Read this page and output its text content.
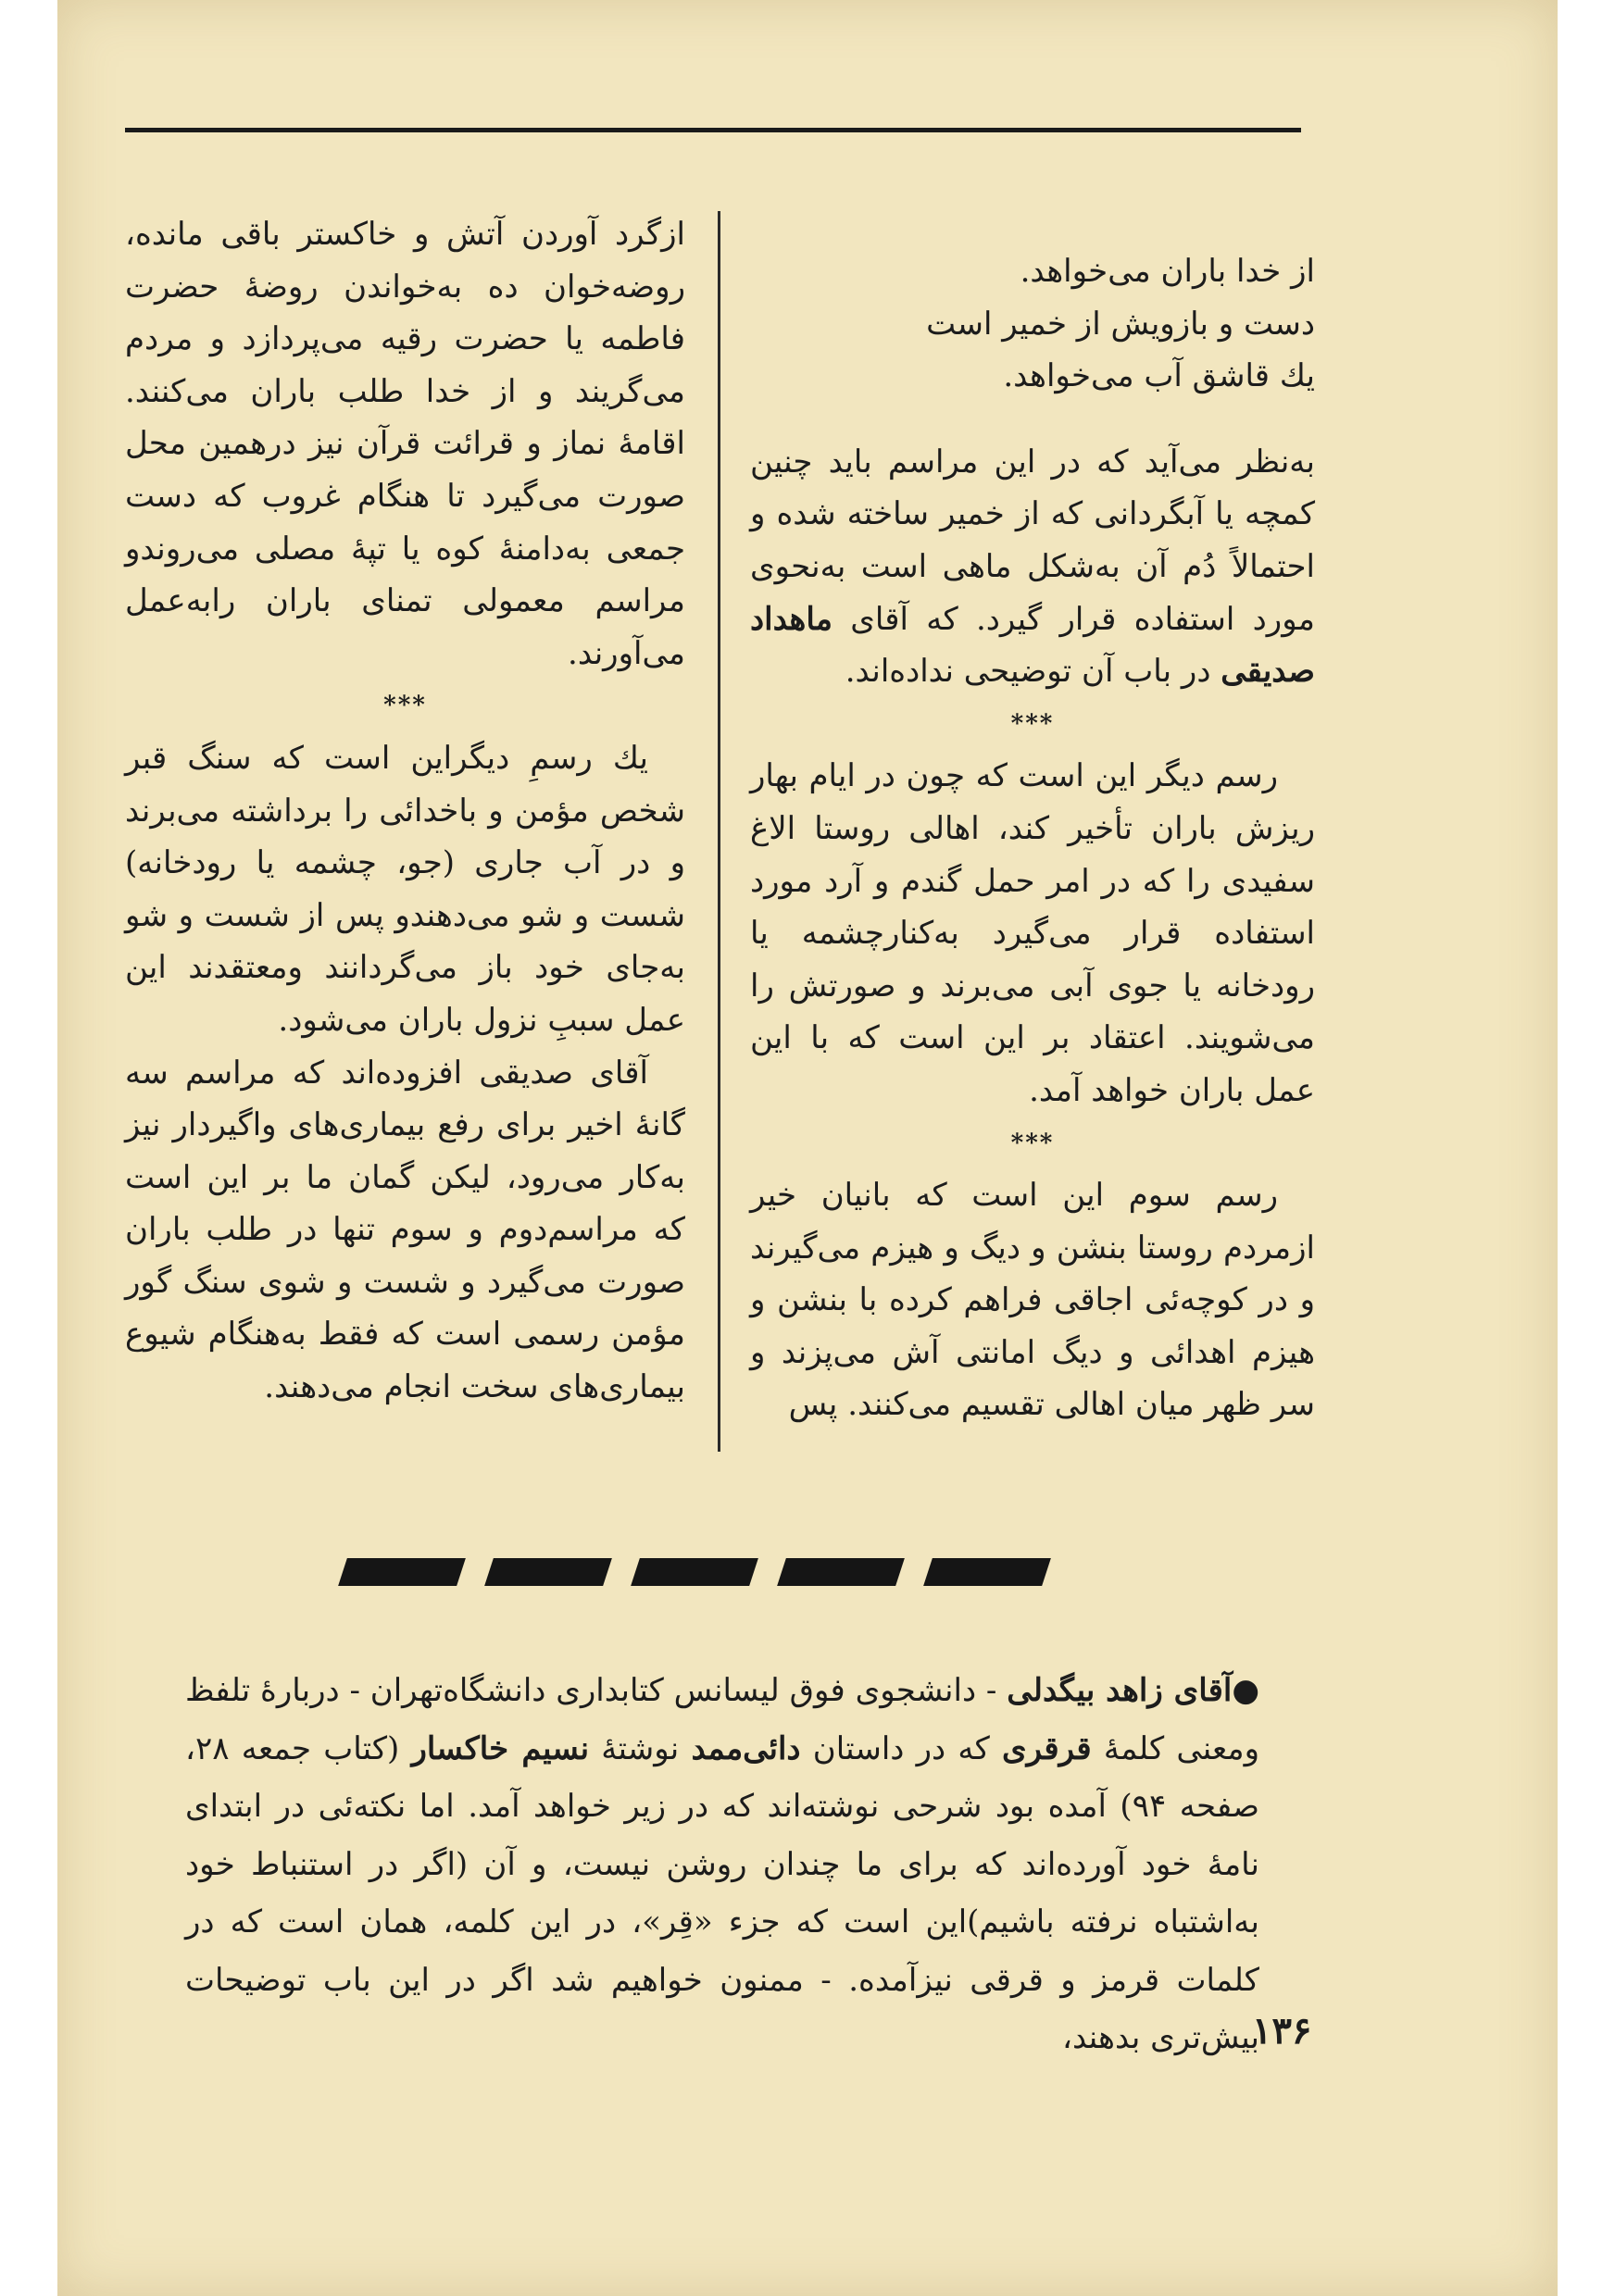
از خدا باران می‌خواهد.
دست و بازویش از خمیر است
یك قاشق آب می‌خواهد.

به‌نظر می‌آید که در این مراسم باید چنین کمچه یا آبگردانی که از خمیر ساخته شده و احتمالاً دُم آن به‌شکل ماهی است به‌نحوی مورد استفاده قرار گیرد. که آقای ماهداد صدیقی در باب آن توضیحی نداده‌اند.

***

رسم دیگر این است که چون در ایام بهار ریزش باران تأخیر کند، اهالی روستا الاغ سفیدی را که در امر حمل گندم و آرد مورد استفاده قرار می‌گیرد به‌کنارچشمه یا رودخانه یا جوی آبی می‌برند و صورتش را می‌شویند. اعتقاد بر این است که با این عمل باران خواهد آمد.

***

رسم سوم این است که بانیان خیر ازمردم روستا بنشن و دیگ و هیزم می‌گیرند و در کوچه‌ئی اجاقی فراهم کرده با بنشن و هیزم اهدائی و دیگ امانتی آش می‌پزند و سر ظهر میان اهالی تقسیم می‌کنند. پس

ازگرد آوردن آتش و خاکستر باقی مانده، روضه‌خوان ده به‌خواندن روضهٔ حضرت فاطمه یا حضرت رقیه می‌پردازد و مردم می‌گریند و از خدا طلب باران می‌کنند. اقامهٔ نماز و قرائت قرآن نیز درهمین محل صورت می‌گیرد تا هنگام غروب که دست جمعی به‌دامنهٔ کوه یا تپهٔ مصلی می‌روندو مراسم معمولی تمنای باران رابه‌عمل می‌آورند.

***

یك رسمِ دیگراین است که سنگ قبر شخص مؤمن و باخدائی را برداشته می‌برند و در آب جاری (جو، چشمه یا رودخانه) شست و شو می‌دهندو پس از شست و شو به‌جای خود باز می‌گردانند ومعتقدند این عمل سببِ نزول باران می‌شود.

آقای صدیقی افزوده‌اند که مراسم سه گانهٔ اخیر برای رفع بیماری‌های واگیردار نیز به‌کار می‌رود، لیکن گمان ما بر این است که مراسم‌دوم و سوم تنها در طلب باران صورت می‌گیرد و شست و شوی سنگ گور مؤمن رسمی است که فقط به‌هنگام شیوع بیماری‌های سخت انجام می‌دهند.

●آقای زاهد بیگدلی - دانشجوی فوق لیسانس کتابداری دانشگاه‌تهران - دربارهٔ تلفظ ومعنی کلمهٔ قرقری که در داستان دائی‌ممد نوشتهٔ نسیم خاکسار (کتاب جمعه ۲۸، صفحه ۹۴) آمده بود شرحی نوشته‌اند که در زیر خواهد آمد. اما نکته‌ئی در ابتدای نامهٔ خود آورده‌اند که برای ما چندان روشن نیست، و آن (اگر در استنباط خود به‌اشتباه نرفته باشیم)این است که جزء «قِر»، در این کلمه، همان است که در کلمات قرمز و قرقی نیزآمده. - ممنون خواهیم شد اگر در این باب توضیحات بیش‌تری بدهند،

۱۳۶
